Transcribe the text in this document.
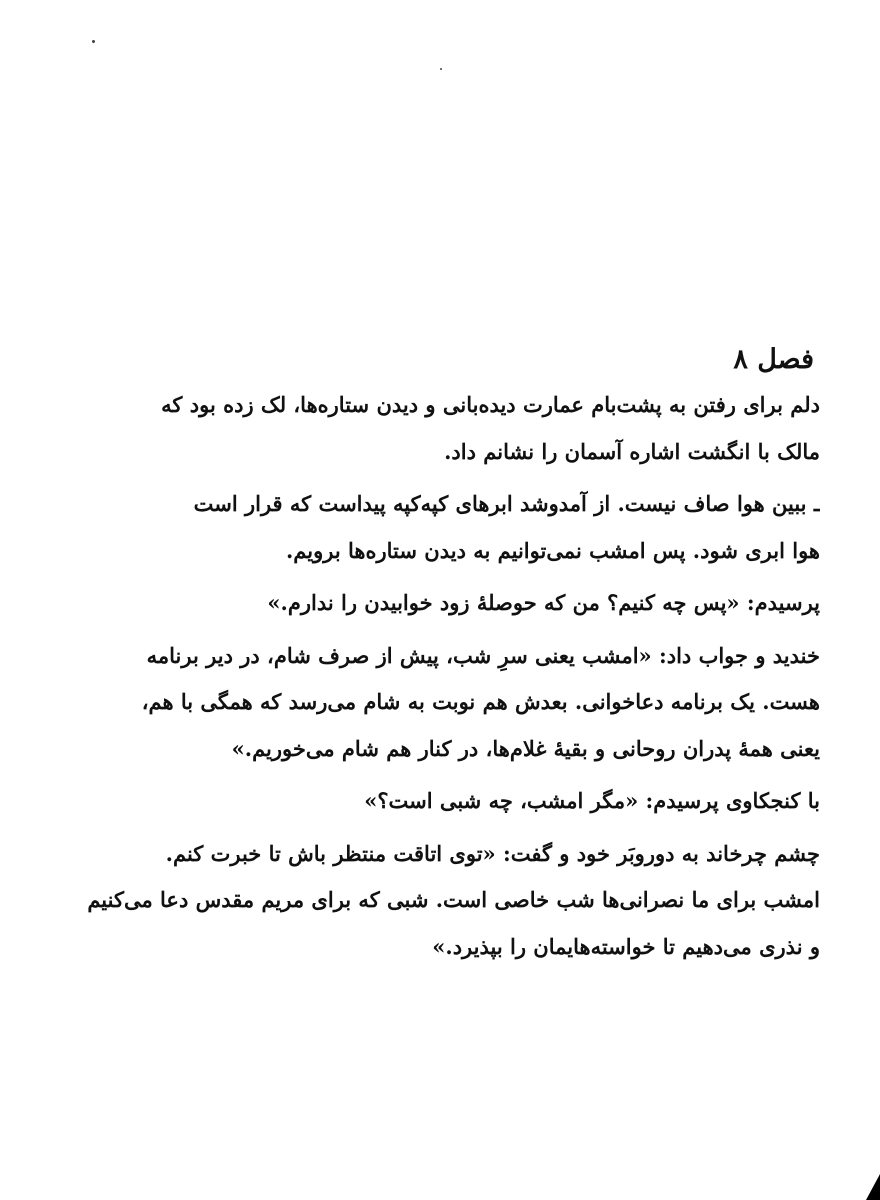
فصل ۸

دلم برای رفتن به پشت‌بام عمارت دیده‌بانی و دیدن ستاره‌ها، لک زده بود که
مالک با انگشت اشاره آسمان را نشانم داد.

ـ ببین هوا صاف نیست. از آمدوشد ابرهای کپه‌کپه پیداست که قرار است
هوا ابری شود. پس امشب نمی‌توانیم به دیدن ستاره‌ها برویم.

پرسیدم: «پس چه کنیم؟ من که حوصلهٔ زود خوابیدن را ندارم.»

خندید و جواب داد: «امشب یعنی سرِ شب، پیش از صرف شام، در دیر برنامه
هست. یک برنامه دعاخوانی. بعدش هم نوبت به شام می‌رسد که همگی با هم،
یعنی همهٔ پدران روحانی و بقیهٔ غلام‌ها، در کنار هم شام می‌خوریم.»

با کنجکاوی پرسیدم: «مگر امشب، چه شبی است؟»

چشم چرخاند به دوروبَر خود و گفت: «توی اتاقت منتظر باش تا خبرت کنم.
امشب برای ما نصرانی‌ها شب خاصی است. شبی که برای مریم مقدس دعا می‌کنیم
و نذری می‌دهیم تا خواسته‌هایمان را بپذیرد.»
